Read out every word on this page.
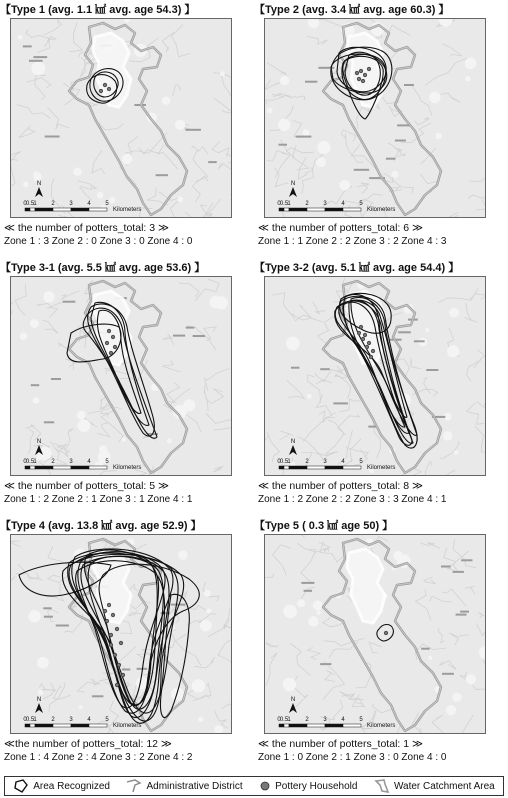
【Type 1 (avg. 1.1 ㎢ avg. age 54.3) 】
N
0 0.5 1 2 3 4 5
Kilometers
≪ the number of potters_total: 3 ≫
Zone 1 : 3 Zone 2 : 0 Zone 3 : 0 Zone 4 : 0
【Type 2 (avg. 3.4 ㎢ avg. age 60.3) 】
N
0 0.5 1 2 3 4 5
Kilometers
≪ the number of potters_total: 6 ≫
Zone 1 : 1 Zone 2 : 2 Zone 3 : 2 Zone 4 : 3
【Type 3-1 (avg. 5.5 ㎢ avg. age 53.6) 】
N
0 0.5 1 2 3 4 5
Kilometers
≪ the number of potters_total: 5 ≫
Zone 1 : 2 Zone 2 : 1 Zone 3 : 1 Zone 4 : 1
【Type 3-2 (avg. 5.1 ㎢ avg. age 54.4) 】
N
0 0.5 1 2 3 4 5
Kilometers
≪ the number of potters_total: 8 ≫
Zone 1 : 2 Zone 2 : 2 Zone 3 : 3 Zone 4 : 1
【Type 4 (avg. 13.8 ㎢ avg. age 52.9) 】
N
0 0.5 1 2 3 4 5
Kilometers
≪the number of potters_total: 12 ≫
Zone 1 : 4 Zone 2 : 4 Zone 3 : 2 Zone 4 : 2
【Type 5 ( 0.3 ㎢ age 50) 】
N
0 0.5 1 2 3 4 5
Kilometers
≪ the number of potters_total: 1 ≫
Zone 1 : 0 Zone 2 : 1 Zone 3 : 0 Zone 4 : 0
Area Recognized	Administrative District	Pottery Household	Water Catchment Area
